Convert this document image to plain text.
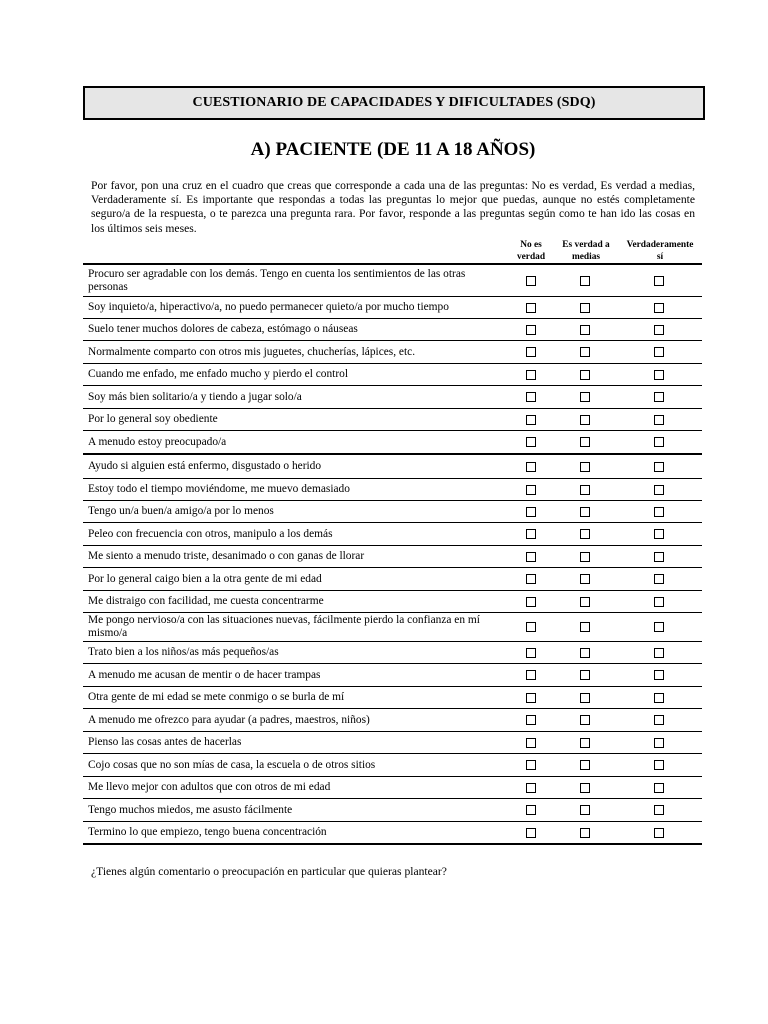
CUESTIONARIO DE CAPACIDADES Y DIFICULTADES (SDQ)
A) PACIENTE (DE 11 A 18 AÑOS)
Por favor, pon una cruz en el cuadro que creas que corresponde a cada una de las preguntas: No es verdad, Es verdad a medias, Verdaderamente sí. Es importante que respondas a todas las preguntas lo mejor que puedas, aunque no estés completamente seguro/a de la respuesta, o te parezca una pregunta rara. Por favor, responde a las preguntas según como te han ido las cosas en los últimos seis meses.
No es
verdad
Es verdad a
medias
Verdaderamente
sí
Procuro ser agradable con los demás. Tengo en cuenta los sentimientos de las otras personas
Soy inquieto/a, hiperactivo/a, no puedo permanecer quieto/a por mucho tiempo
Suelo tener muchos dolores de cabeza, estómago o náuseas
Normalmente comparto con otros mis juguetes, chucherías, lápices, etc.
Cuando me enfado, me enfado mucho y pierdo el control
Soy más bien solitario/a y tiendo a jugar solo/a
Por lo general soy obediente
A menudo estoy preocupado/a
Ayudo si alguien está enfermo, disgustado o herido
Estoy todo el tiempo moviéndome, me muevo demasiado
Tengo un/a buen/a amigo/a por lo menos
Peleo con frecuencia con otros, manipulo a los demás
Me siento a menudo triste, desanimado o con ganas de llorar
Por lo general caigo bien a la otra gente de mi edad
Me distraigo con facilidad, me cuesta concentrarme
Me pongo nervioso/a con las situaciones nuevas, fácilmente pierdo la confianza en mí mismo/a
Trato bien a los niños/as más pequeños/as
A menudo me acusan de mentir o de hacer trampas
Otra gente de mi edad se mete conmigo o se burla de mí
A menudo me ofrezco para ayudar (a padres, maestros, niños)
Pienso las cosas antes de hacerlas
Cojo cosas que no son mías de casa, la escuela o de otros sitios
Me llevo mejor con adultos que con otros de mi edad
Tengo muchos miedos, me asusto fácilmente
Termino lo que empiezo, tengo buena concentración
¿Tienes algún comentario o preocupación en particular que quieras plantear?
